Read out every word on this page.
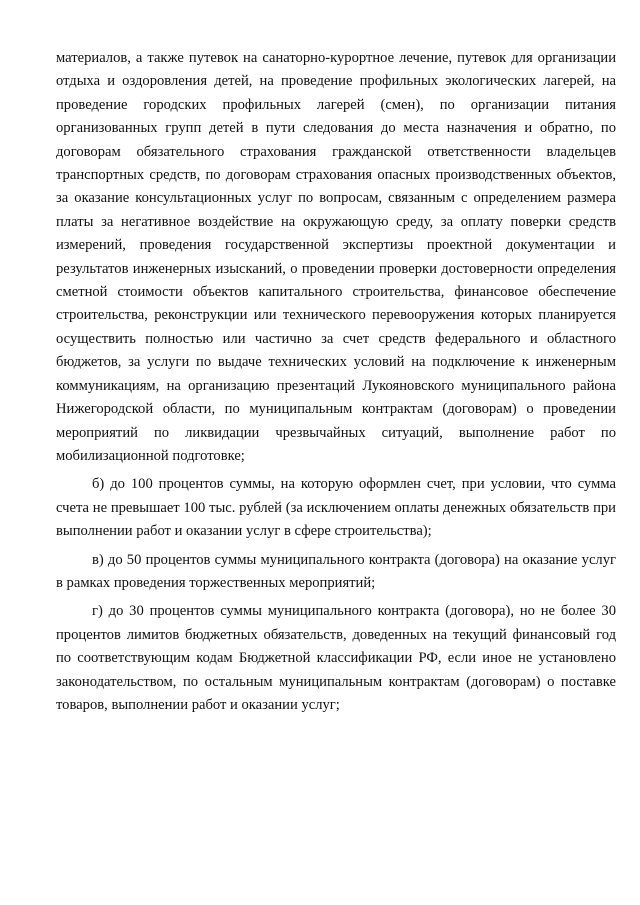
материалов, а также путевок на санаторно-курортное лечение, путевок для организации отдыха и оздоровления детей, на проведение профильных экологических лагерей, на проведение городских профильных лагерей (смен), по организации питания организованных групп детей в пути следования до места назначения и обратно, по договорам обязательного страхования гражданской ответственности владельцев транспортных средств, по договорам страхования опасных производственных объектов, за оказание консультационных услуг по вопросам, связанным с определением размера платы за негативное воздействие на окружающую среду, за оплату поверки средств измерений, проведения государственной экспертизы проектной документации и результатов инженерных изысканий, о проведении проверки достоверности определения сметной стоимости объектов капитального строительства, финансовое обеспечение строительства, реконструкции или технического перевооружения которых планируется осуществить полностью или частично за счет средств федерального и областного бюджетов, за услуги по выдаче технических условий на подключение к инженерным коммуникациям, на организацию презентаций Лукояновского муниципального района Нижегородской области, по муниципальным контрактам (договорам) о проведении мероприятий по ликвидации чрезвычайных ситуаций, выполнение работ по мобилизационной подготовке;

б) до 100 процентов суммы, на которую оформлен счет, при условии, что сумма счета не превышает 100 тыс. рублей (за исключением оплаты денежных обязательств при выполнении работ и оказании услуг в сфере строительства);

в) до 50 процентов суммы муниципального контракта (договора) на оказание услуг в рамках проведения торжественных мероприятий;

г) до 30 процентов суммы муниципального контракта (договора), но не более 30 процентов лимитов бюджетных обязательств, доведенных на текущий финансовый год по соответствующим кодам Бюджетной классификации РФ, если иное не установлено законодательством, по остальным муниципальным контрактам (договорам) о поставке товаров, выполнении работ и оказании услуг;
